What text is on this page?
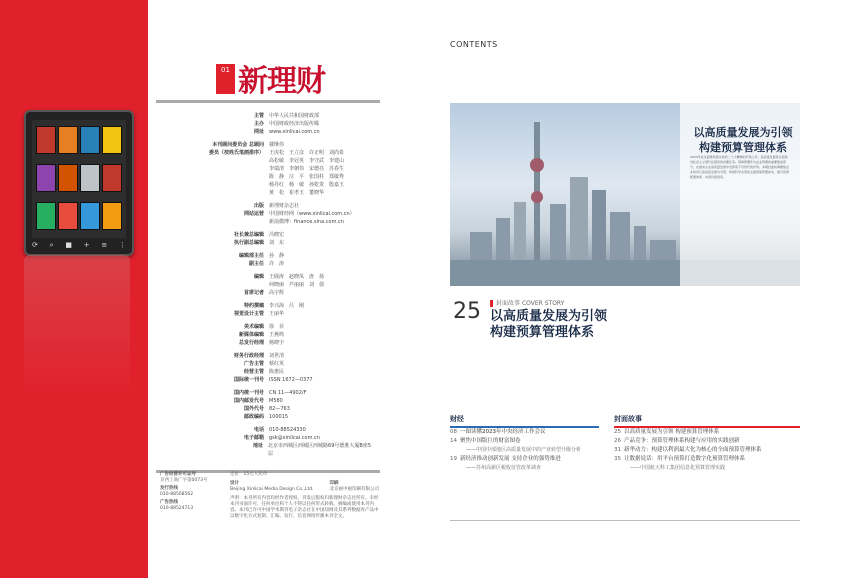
⟳ ⌕ ■ + ≡ ⋮
01 新理财
主管	中华人民共和国财政部
主办	中国财政经济出版传媒
网址	www.xinlicai.com.cn
本刊顾问委员会 总顾问	楼继伟
委员（按姓氏笔画排序）	王虎松　王立彦　许正明　刘尚希
高松敏　李冠英　李守武　李建山
李瑞清　李朝伟　宋德亮　苏春生
陈　静　汪　平　张国柱　郑敏秀
杨丹红　杨　敏　孙乾贵　殷嘉玉
黄　松　崔孝玉　董晓华
出版	新理财杂志社
网站运营	中国财经网（www.xinlicai.com.cn）
新浪微博：finance.sina.com.cn
社长兼总编辑	冯晓宏
执行副总编辑	刘　东
编辑部主任	孙　静
副主任	许　涛
编辑	王砚涛　赵晓凤　唐　扬
何晓丽　芦丽丽　刘　倩
首席记者	高宇辉
特约撰稿	李兴海　吕　刚
视觉设计主管	王丽华
美术编辑	徐　菲
新媒体编辑	王燕鸣
总发行经理	杨晓宇
财务行政经理	刘世清
广告主管	蔡红英
经营主管	陈惠民
国际统一刊号	ISSN 1672—0377
国内统一刊号	CN 11—4902/F
国内邮发代号	M580
国外代号	82—763
邮政编码	100015
电话	010-88524330
电子邮箱	gsk@xinlicai.com.cn
地址	北京市西城区西城区西城路69号德胜大厦B座5层
广告经营许可证号
京西工商广字第0073号
发行热线
010-88508562
广告热线
010-88524713
定价：15元人民币
设计
Beijing Xinlicai Media Design Co.,Ltd.
印刷
北京画中画印刷有限公司
声明：本刊所有内容均经作者授权，刊发后版权归新理财杂志社所有。未经本刊书面许可，任何单位和个人不得以任何形式转载、摘编或使用本刊内容。本刊已许可中国学术期刊电子杂志社在中国知网及其系列数据库产品中以数字化方式复制、汇编、发行、信息网络传播本刊全文。
CONTENTS
以高质量发展为引领
构建预算管理体系
2023年是全面贯彻落实党的二十大精神的开局之年，高质量发展是全面建设社会主义现代化国家的首要任务。预算管理作为企业管理的重要组成部分，在推动企业高质量发展中发挥着不可替代的作用。本期封面故事聚焦企业如何以高质量发展为引领，构建科学完善的全面预算管理体系，提升资源配置效率，实现价值创造。
25	封面故事 COVER STORY
以高质量发展为引领
构建预算管理体系
财经
08 一图读懂2023年中央经济工作会议
14 聚焦中国版巨的财富图卷
——中国中部地区高质量发展中的产业转型升级分析
19 新经济推动创新发展 支持企业的强势推进
——苏州高新区税收征管改革调查
封面故事
25 以高质量发展为引领 构建预算管理体系
26 产品竞争：预算管理体系构建与应用的实践创新
31 新华动力：构建以利润最大化为核心的全面预算管理体系
35 让数据说话：用平台预算打造数字化预算管理体系
——中国航天科工集团信息化预算管理实践
